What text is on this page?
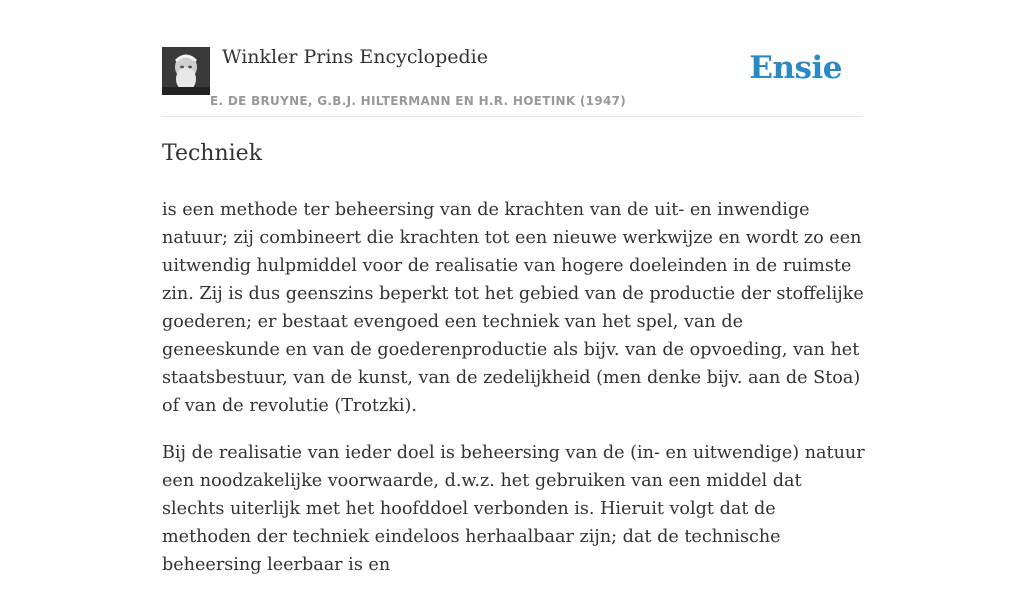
Winkler Prins Encyclopedie
E. DE BRUYNE, G.B.J. HILTERMANN EN H.R. HOETINK (1947)
Ensie
Techniek

is een methode ter beheersing van de krachten van de uit- en inwendige natuur; zij combineert die krachten tot een nieuwe werkwijze en wordt zo een uitwendig hulpmiddel voor de realisatie van hogere doeleinden in de ruimste zin. Zij is dus geenszins beperkt tot het gebied van de productie der stoffelijke goederen; er bestaat evengoed een techniek van het spel, van de geneeskunde en van de goederenproductie als bijv. van de opvoeding, van het staatsbestuur, van de kunst, van de zedelijkheid (men denke bijv. aan de Stoa) of van de revolutie (Trotzki).

Bij de realisatie van ieder doel is beheersing van de (in- en uitwendige) natuur een noodzakelijke voorwaarde, d.w.z. het gebruiken van een middel dat slechts uiterlijk met het hoofddoel verbonden is. Hieruit volgt dat de methoden der techniek eindeloos herhaalbaar zijn; dat de technische beheersing leerbaar is en
